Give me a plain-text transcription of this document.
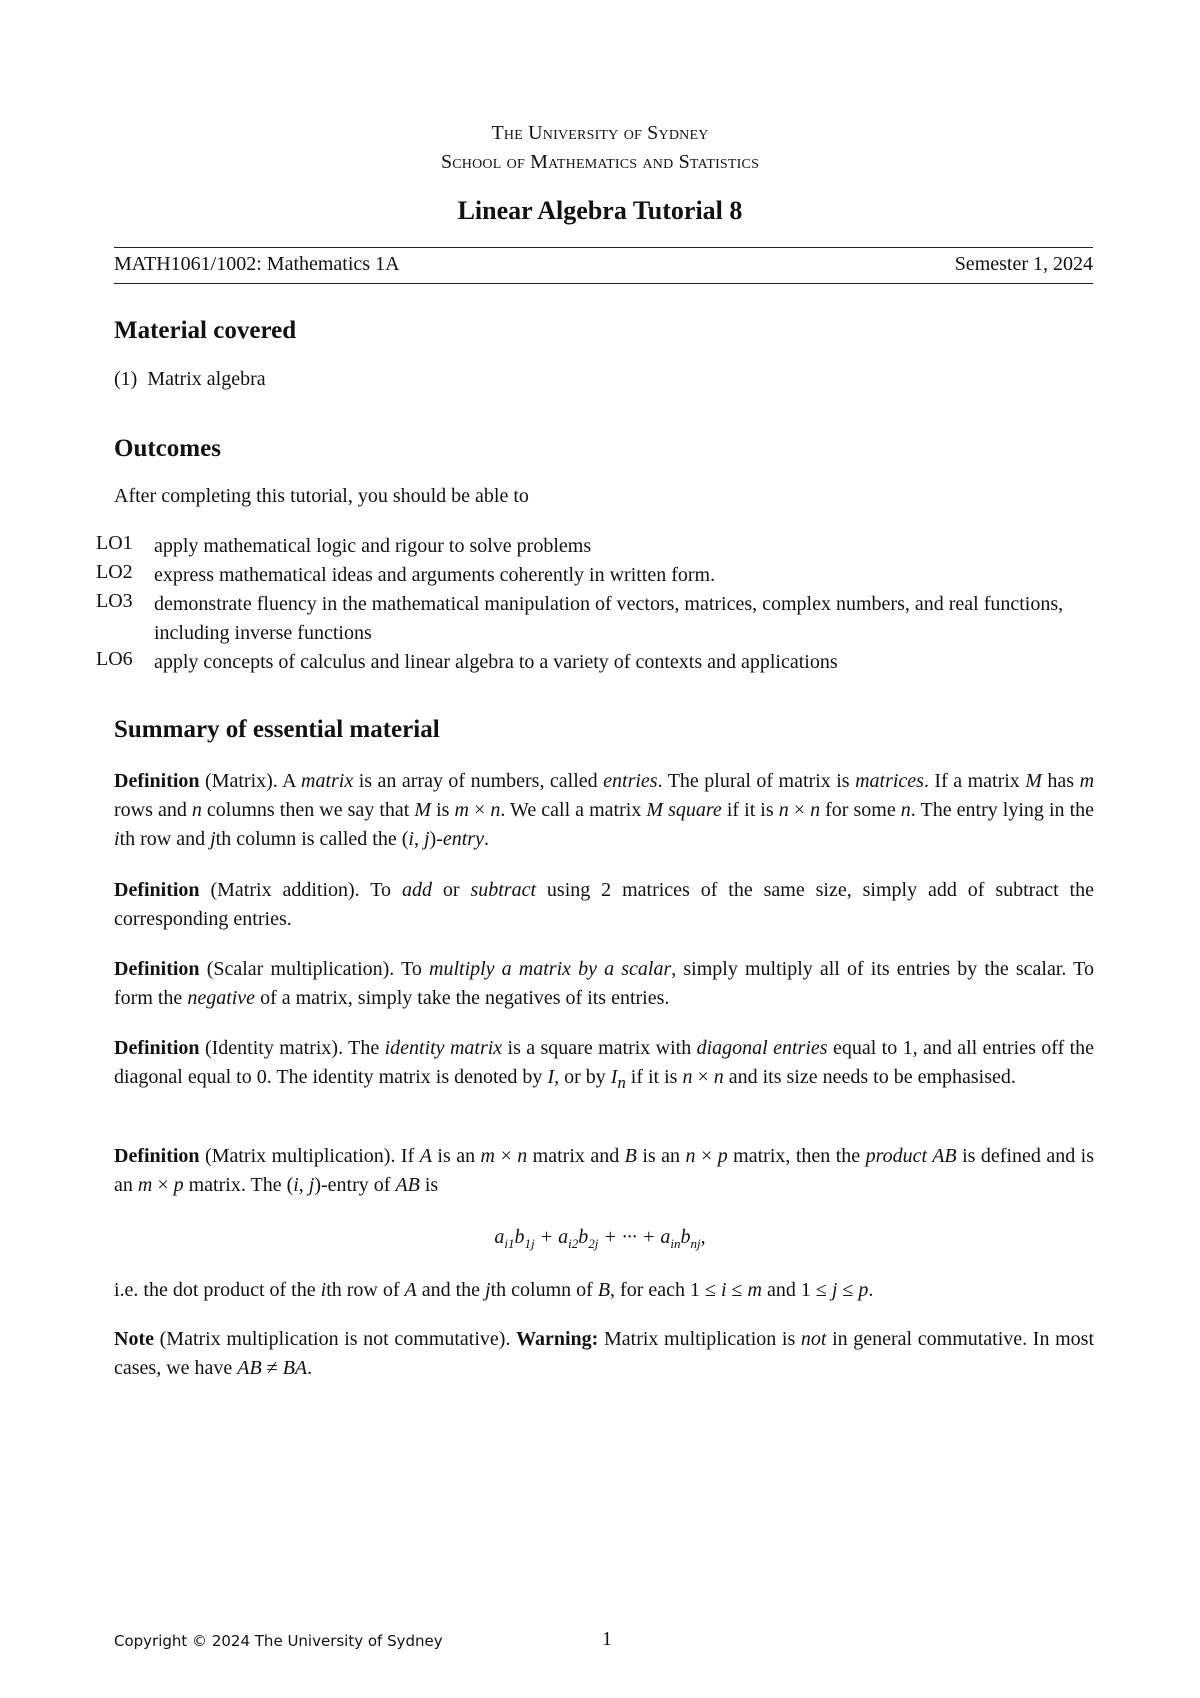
The University of Sydney
School of Mathematics and Statistics
Linear Algebra Tutorial 8
MATH1061/1002: Mathematics 1A	Semester 1, 2024
Material covered
(1) Matrix algebra
Outcomes
After completing this tutorial, you should be able to
LO1	apply mathematical logic and rigour to solve problems
LO2	express mathematical ideas and arguments coherently in written form.
LO3	demonstrate fluency in the mathematical manipulation of vectors, matrices, complex numbers, and real functions, including inverse functions
LO6	apply concepts of calculus and linear algebra to a variety of contexts and applications
Summary of essential material
Definition (Matrix). A matrix is an array of numbers, called entries. The plural of matrix is matrices. If a matrix M has m rows and n columns then we say that M is m × n. We call a matrix M square if it is n × n for some n. The entry lying in the ith row and jth column is called the (i, j)-entry.
Definition (Matrix addition). To add or subtract using 2 matrices of the same size, simply add of subtract the corresponding entries.
Definition (Scalar multiplication). To multiply a matrix by a scalar, simply multiply all of its entries by the scalar. To form the negative of a matrix, simply take the negatives of its entries.
Definition (Identity matrix). The identity matrix is a square matrix with diagonal entries equal to 1, and all entries off the diagonal equal to 0. The identity matrix is denoted by I, or by $I_n$ if it is n × n and its size needs to be emphasised.
Definition (Matrix multiplication). If A is an m × n matrix and B is an n × p matrix, then the product AB is defined and is an m × p matrix. The (i, j)-entry of AB is
$a_{i1}b_{1j} + a_{i2}b_{2j}$ + ··· + $a_{in}b_{nj}$,
i.e. the dot product of the ith row of A and the jth column of B, for each 1 ≤ i ≤ m and 1 ≤ j ≤ p.
Note (Matrix multiplication is not commutative). Warning: Matrix multiplication is not in general commutative. In most cases, we have AB ≠ BA.
Copyright © 2024 The University of Sydney	1
